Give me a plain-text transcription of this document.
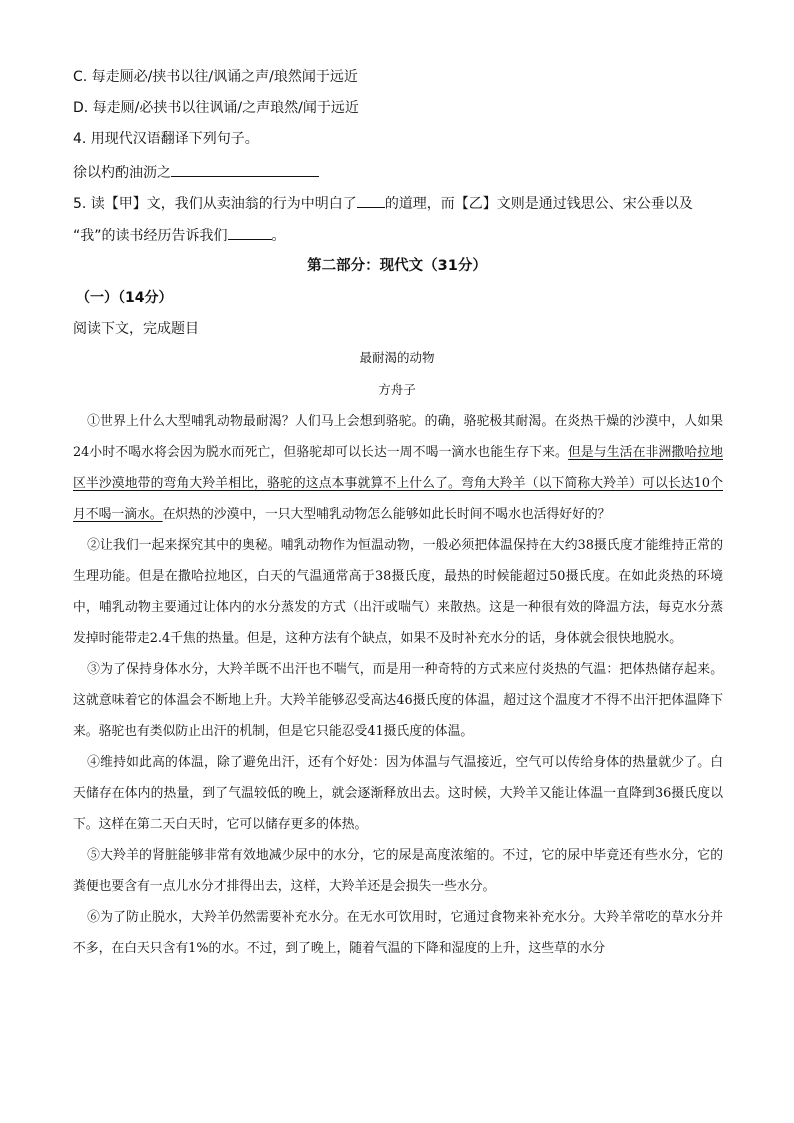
C. 每走厕必/挟书以往/讽诵之声/琅然闻于远近
D. 每走厕/必挟书以往讽诵/之声琅然/闻于远近
4. 用现代汉语翻译下列句子。
徐以杓酌油沥之
5. 读【甲】文，我们从卖油翁的行为中明白了 的道理，而【乙】文则是通过钱思公、宋公垂以及
“我”的读书经历告诉我们	。
第二部分：现代文（31分）
（一）（14分）
阅读下文，完成题目
最耐渴的动物
方舟子

①世界上什么大型哺乳动物最耐渴？人们马上会想到骆驼。的确，骆驼极其耐渴。在炎热干燥的沙漠中，人如果24小时不喝水将会因为脱水而死亡，但骆驼却可以长达一周不喝一滴水也能生存下来。但是与生活在非洲撒哈拉地区半沙漠地带的弯角大羚羊相比，骆驼的这点本事就算不上什么了。弯角大羚羊（以下简称大羚羊）可以长达10个月不喝一滴水。在炽热的沙漠中，一只大型哺乳动物怎么能够如此长时间不喝水也活得好好的？

②让我们一起来探究其中的奥秘。哺乳动物作为恒温动物，一般必须把体温保持在大约38摄氏度才能维持正常的生理功能。但是在撒哈拉地区，白天的气温通常高于38摄氏度，最热的时候能超过50摄氏度。在如此炎热的环境中，哺乳动物主要通过让体内的水分蒸发的方式（出汗或喘气）来散热。这是一种很有效的降温方法，每克水分蒸发掉时能带走2.4千焦的热量。但是，这种方法有个缺点，如果不及时补充水分的话，身体就会很快地脱水。

③为了保持身体水分，大羚羊既不出汗也不喘气，而是用一种奇特的方式来应付炎热的气温：把体热储存起来。这就意味着它的体温会不断地上升。大羚羊能够忍受高达46摄氏度的体温，超过这个温度才不得不出汗把体温降下来。骆驼也有类似防止出汗的机制，但是它只能忍受41摄氏度的体温。

④维持如此高的体温，除了避免出汗，还有个好处：因为体温与气温接近，空气可以传给身体的热量就少了。白天储存在体内的热量，到了气温较低的晚上，就会逐渐释放出去。这时候，大羚羊又能让体温一直降到36摄氏度以下。这样在第二天白天时，它可以储存更多的体热。

⑤大羚羊的肾脏能够非常有效地减少尿中的水分，它的尿是高度浓缩的。不过，它的尿中毕竟还有些水分，它的粪便也要含有一点儿水分才排得出去，这样，大羚羊还是会损失一些水分。

⑥为了防止脱水，大羚羊仍然需要补充水分。在无水可饮用时，它通过食物来补充水分。大羚羊常吃的草水分并不多，在白天只含有1%的水。不过，到了晚上，随着气温的下降和湿度的上升，这些草的水分
